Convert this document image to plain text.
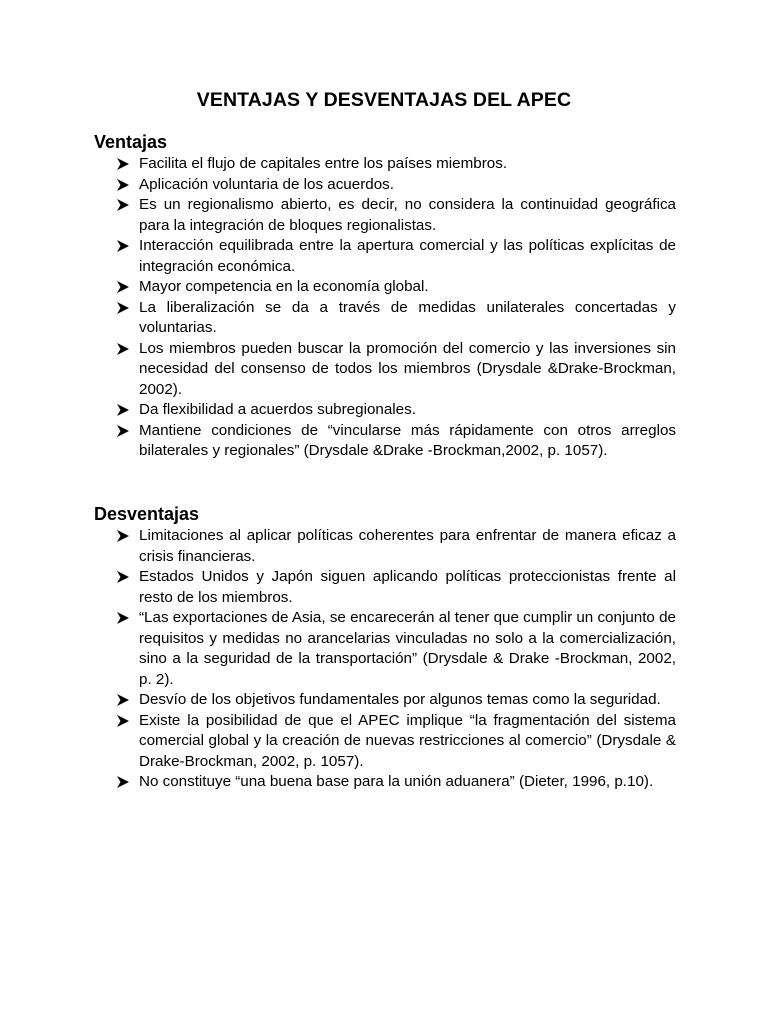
VENTAJAS Y DESVENTAJAS DEL APEC
Ventajas
Facilita el flujo de capitales entre los países miembros.
Aplicación voluntaria de los acuerdos.
Es un regionalismo abierto, es decir, no considera la continuidad geográfica para la integración de bloques regionalistas.
Interacción equilibrada entre la apertura comercial y las políticas explícitas de integración económica.
Mayor competencia en la economía global.
La liberalización se da a través de medidas unilaterales concertadas y voluntarias.
Los miembros pueden buscar la promoción del comercio y las inversiones sin necesidad del consenso de todos los miembros (Drysdale &Drake-Brockman, 2002).
Da flexibilidad a acuerdos subregionales.
Mantiene condiciones de “vincularse más rápidamente con otros arreglos bilaterales y regionales” (Drysdale &Drake -Brockman,2002, p. 1057).
Desventajas
Limitaciones al aplicar políticas coherentes para enfrentar de manera eficaz a crisis financieras.
Estados Unidos y Japón siguen aplicando políticas proteccionistas frente al resto de los miembros.
“Las exportaciones de Asia, se encarecerán al tener que cumplir un conjunto de requisitos y medidas no arancelarias vinculadas no solo a la comercialización, sino a la seguridad de la transportación” (Drysdale & Drake -Brockman, 2002, p. 2).
Desvío de los objetivos fundamentales por algunos temas como la seguridad.
Existe la posibilidad de que el APEC implique “la fragmentación del sistema comercial global y la creación de nuevas restricciones al comercio” (Drysdale & Drake-Brockman, 2002, p. 1057).
No constituye “una buena base para la unión aduanera” (Dieter, 1996, p.10).
